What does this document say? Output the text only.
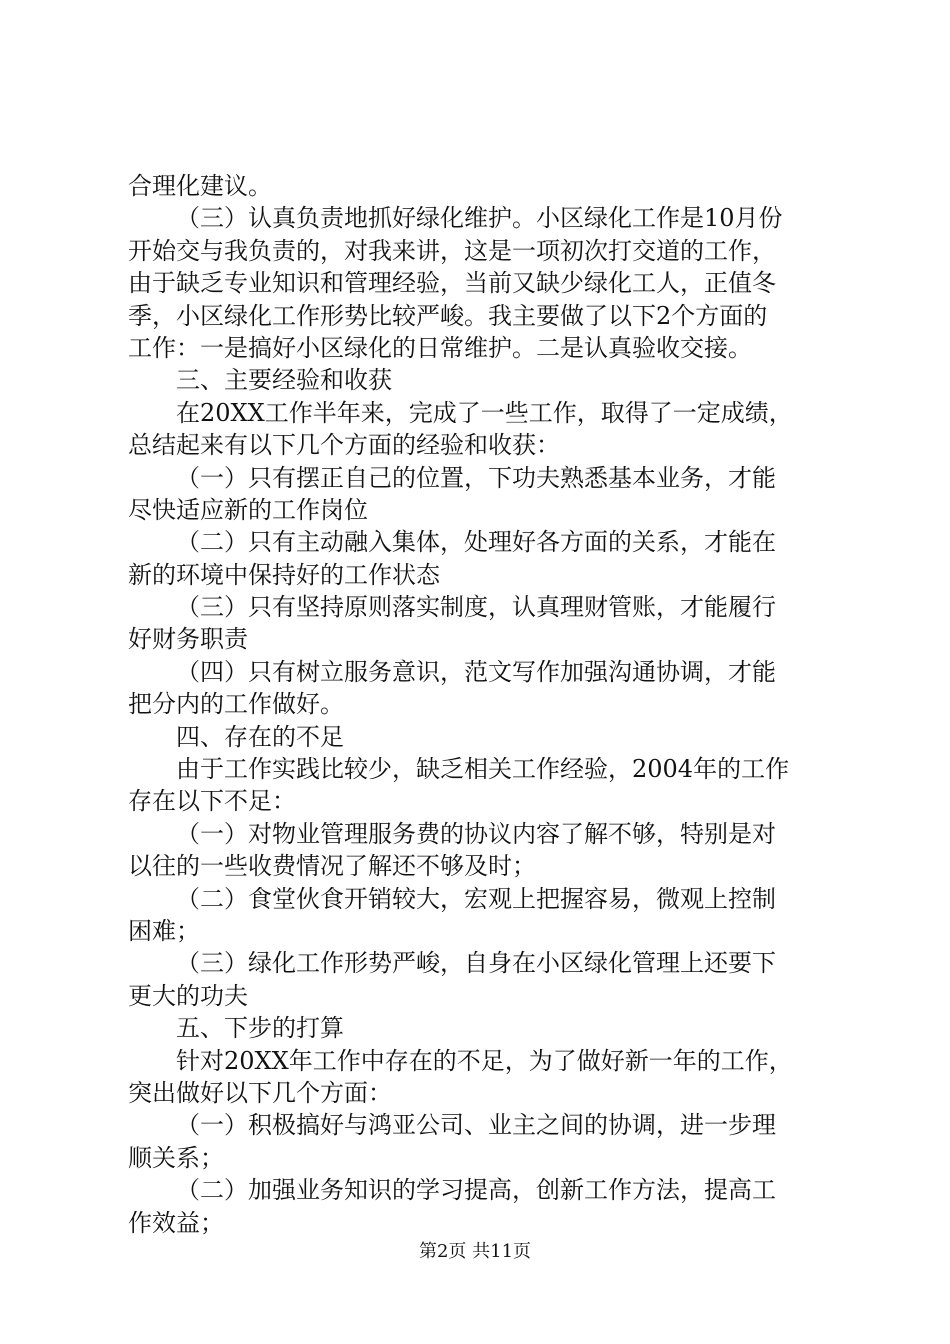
合理化建议。
（三）认真负责地抓好绿化维护。小区绿化工作是10月份
开始交与我负责的，对我来讲，这是一项初次打交道的工作，
由于缺乏专业知识和管理经验，当前又缺少绿化工人，正值冬
季，小区绿化工作形势比较严峻。我主要做了以下2个方面的
工作：一是搞好小区绿化的日常维护。二是认真验收交接。
三、主要经验和收获
在20XX工作半年来，完成了一些工作，取得了一定成绩，
总结起来有以下几个方面的经验和收获：
（一）只有摆正自己的位置，下功夫熟悉基本业务，才能
尽快适应新的工作岗位
（二）只有主动融入集体，处理好各方面的关系，才能在
新的环境中保持好的工作状态
（三）只有坚持原则落实制度，认真理财管账，才能履行
好财务职责
（四）只有树立服务意识，范文写作加强沟通协调，才能
把分内的工作做好。
四、存在的不足
由于工作实践比较少，缺乏相关工作经验，2004年的工作
存在以下不足：
（一）对物业管理服务费的协议内容了解不够，特别是对
以往的一些收费情况了解还不够及时；
（二）食堂伙食开销较大，宏观上把握容易，微观上控制
困难；
（三）绿化工作形势严峻，自身在小区绿化管理上还要下
更大的功夫
五、下步的打算
针对20XX年工作中存在的不足，为了做好新一年的工作，
突出做好以下几个方面：
（一）积极搞好与鸿亚公司、业主之间的协调，进一步理
顺关系；
（二）加强业务知识的学习提高，创新工作方法，提高工
作效益；
第2页 共11页
